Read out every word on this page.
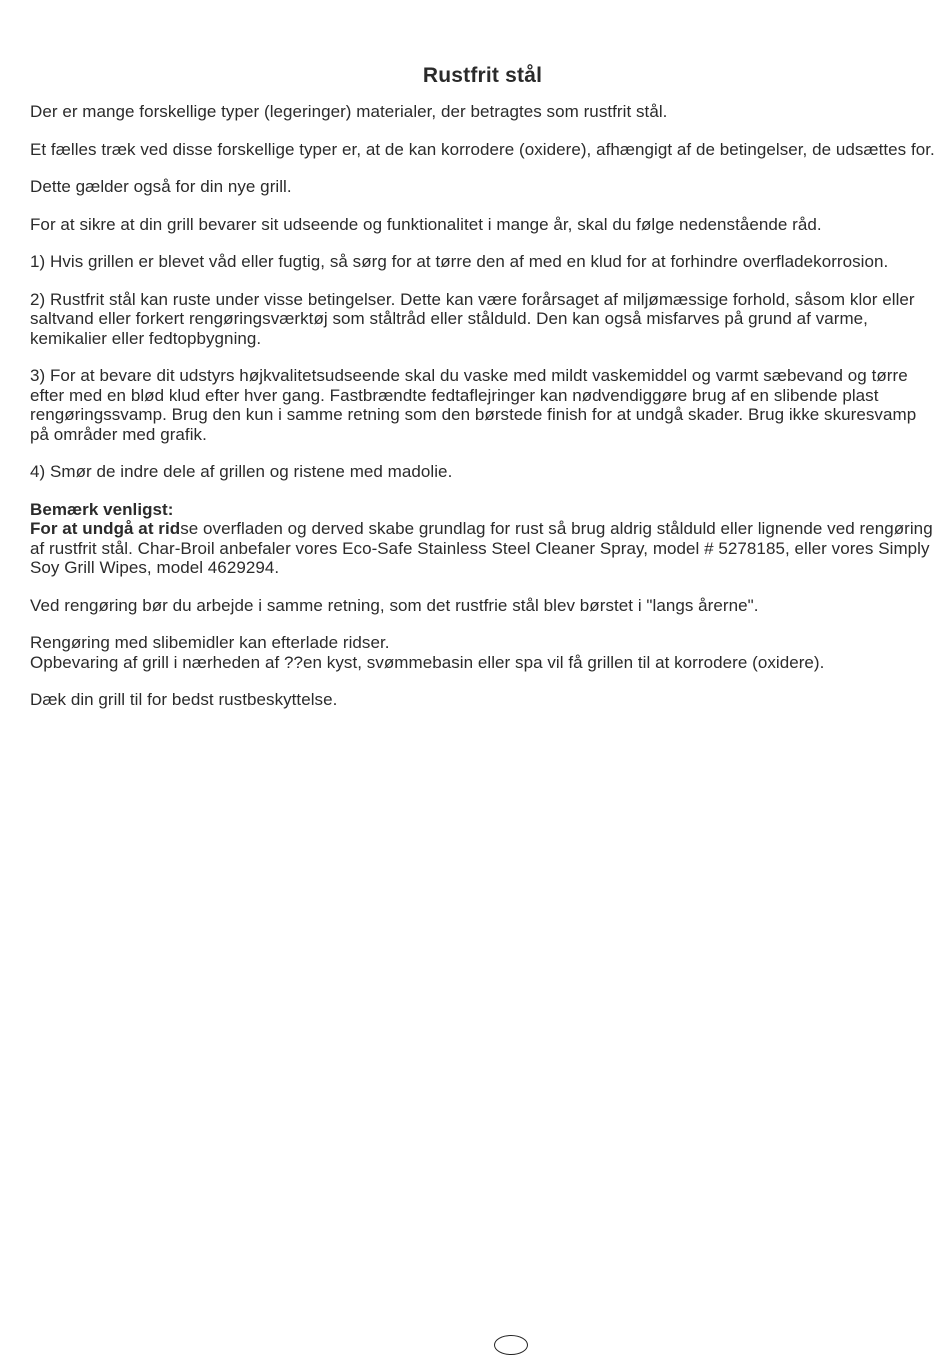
Rustfrit stål

Der er mange forskellige typer (legeringer) materialer, der betragtes som rustfrit stål.

Et fælles træk ved disse forskellige typer er, at de kan korrodere (oxidere), afhængigt af de betingelser, de udsættes for.

Dette gælder også for din nye grill.

For at sikre at din grill bevarer sit udseende og funktionalitet i mange år, skal du følge nedenstående råd.

1) Hvis grillen er blevet våd eller fugtig, så sørg for at tørre den af med en klud for at forhindre overfladekorrosion.

2) Rustfrit stål kan ruste under visse betingelser. Dette kan være forårsaget af miljømæssige forhold, såsom klor eller saltvand eller forkert rengøringsværktøj som ståltråd eller stålduld. Den kan også misfarves på grund af varme, kemikalier eller fedtopbygning.

3) For at bevare dit udstyrs højkvalitetsudseende skal du vaske med mildt vaskemiddel og varmt sæbevand og tørre efter med en blød klud efter hver gang. Fastbrændte fedtaflejringer kan nødvendiggøre brug af en slibende plast rengøringssvamp. Brug den kun i samme retning som den børstede finish for at undgå skader. Brug ikke skuresvamp på områder med grafik.

4) Smør de indre dele af grillen og ristene med madolie.

Bemærk venligst:
For at undgå at ridse overfladen og derved skabe grundlag for rust så brug aldrig stålduld eller lignende ved rengøring af rustfrit stål. Char-Broil anbefaler vores Eco-Safe Stainless Steel Cleaner Spray, model # 5278185, eller vores Simply Soy Grill Wipes, model 4629294.

Ved rengøring bør du arbejde i samme retning, som det rustfrie stål blev børstet i "langs årerne".

Rengøring med slibemidler kan efterlade ridser.
Opbevaring af grill i nærheden af ??en kyst, svømmebasin eller spa vil få grillen til at korrodere (oxidere).

Dæk din grill til for bedst rustbeskyttelse.
